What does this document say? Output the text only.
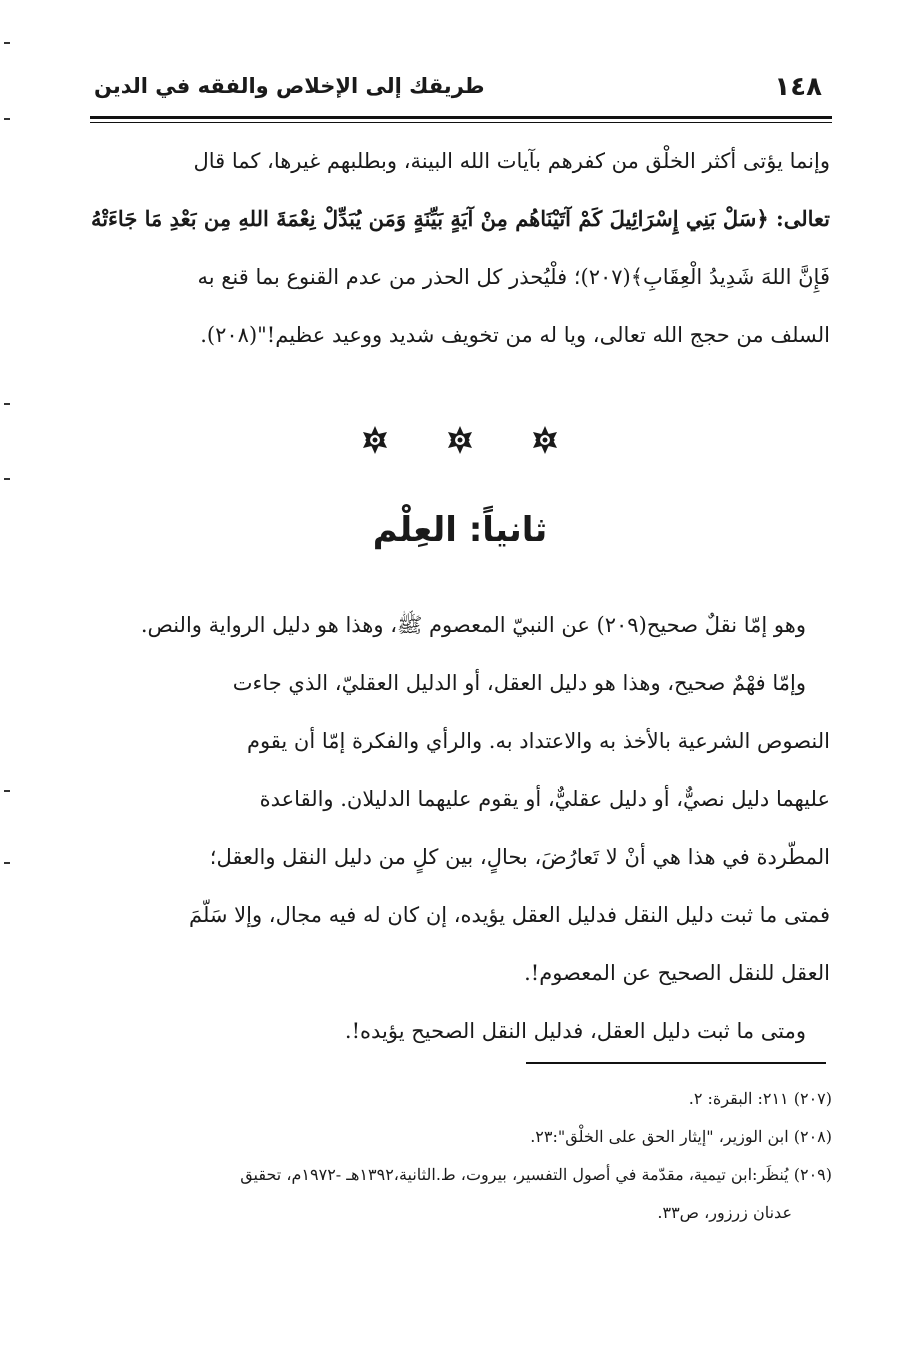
١٤٨
طريقك إلى الإخلاص والفقه في الدين
وإنما يؤتى أكثر الخلْق من كفرهم بآيات الله البينة، وبطلبهم غيرها، كما قال
تعالى: ﴿سَلْ بَنِي إِسْرَائِيلَ كَمْ آتَيْنَاهُم مِنْ آيَةٍ بَيِّنَةٍ وَمَن يُبَدِّلْ نِعْمَةَ اللهِ مِن بَعْدِ مَا جَاءَتْهُ
فَإِنَّ اللهَ شَدِيدُ الْعِقَابِ﴾(٢٠٧)؛ فلْيُحذر كل الحذر من عدم القنوع بما قنع به
السلف من حجج الله تعالى، ويا له من تخويف شديد ووعيد عظيم!"(٢٠٨).
ثانياً: العِلْم
وهو إمّا نقلٌ صحيح(٢٠٩) عن النبيّ المعصوم ﷺ، وهذا هو دليل الرواية والنص.
وإمّا فهْمٌ صحيح، وهذا هو دليل العقل، أو الدليل العقليّ، الذي جاءت
النصوص الشرعية بالأخذ به والاعتداد به. والرأي والفكرة إمّا أن يقوم
عليهما دليل نصيٌّ، أو دليل عقليٌّ، أو يقوم عليهما الدليلان. والقاعدة
المطّردة في هذا هي أنْ لا تَعارُضَ، بحالٍ، بين كلٍ من دليل النقل والعقل؛
فمتى ما ثبت دليل النقل فدليل العقل يؤيده، إن كان له فيه مجال، وإلا سَلّمَ
العقل للنقل الصحيح عن المعصوم!.
ومتى ما ثبت دليل العقل، فدليل النقل الصحيح يؤيده!.
(٢٠٧) ٢١١: البقرة: ٢.
(٢٠٨) ابن الوزير، "إيثار الحق على الخلْق":٢٣.
(٢٠٩) يُنظَر:ابن تيمية، مقدّمة في أصول التفسير، بيروت، ط.الثانية،١٣٩٢هـ -١٩٧٢م، تحقيق
عدنان زرزور، ص٣٣.
